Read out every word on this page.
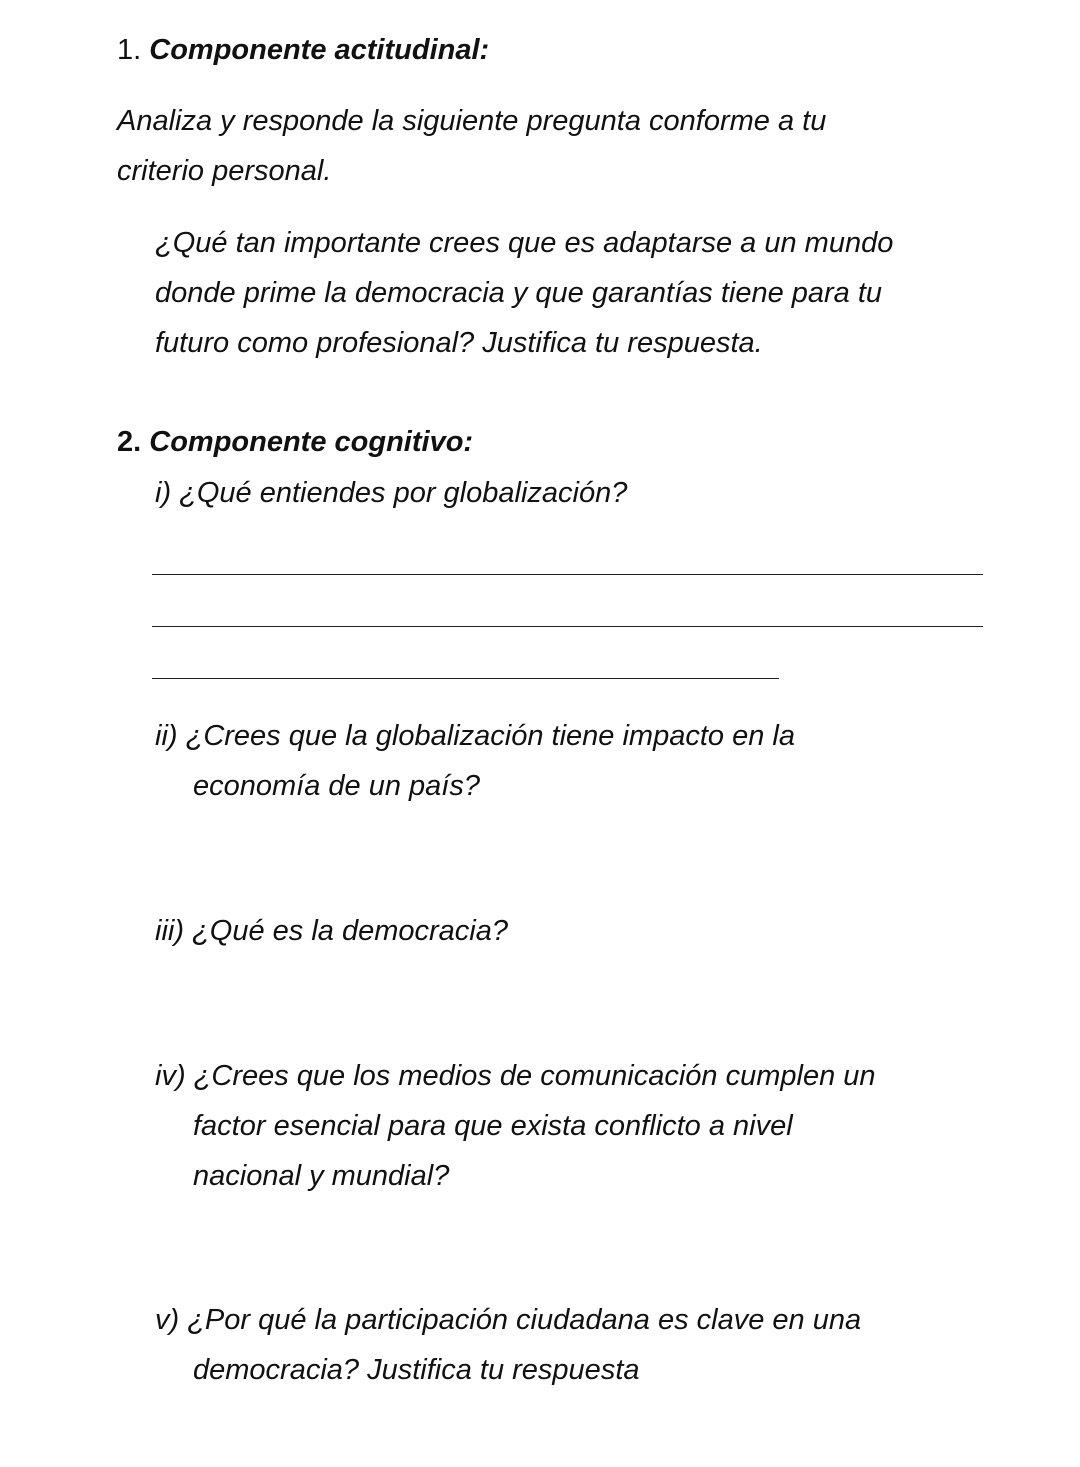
1. Componente actitudinal:
Analiza y responde la siguiente pregunta conforme a tu
criterio personal.
¿Qué tan importante crees que es adaptarse a un mundo
donde prime la democracia y que garantías tiene para tu
futuro como profesional? Justifica tu respuesta.
2. Componente cognitivo:
i) ¿Qué entiendes por globalización?
ii) ¿Crees que la globalización tiene impacto en la
economía de un país?
iii) ¿Qué es la democracia?
iv) ¿Crees que los medios de comunicación cumplen un
factor esencial para que exista conflicto a nivel
nacional y mundial?
v) ¿Por qué la participación ciudadana es clave en una
democracia? Justifica tu respuesta
